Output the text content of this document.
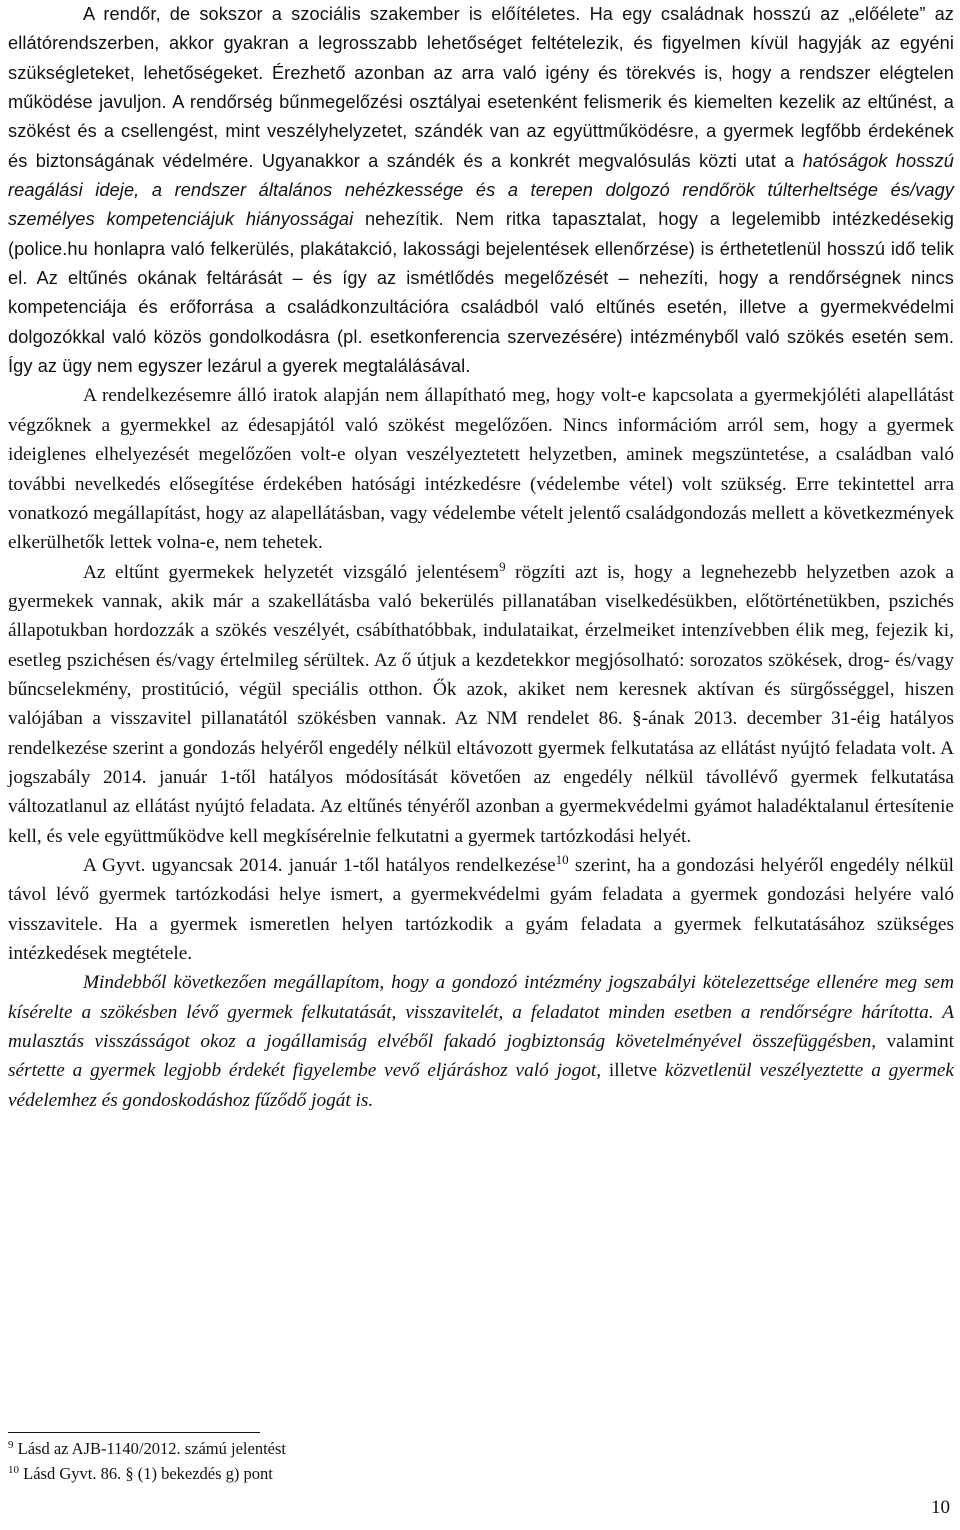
A rendőr, de sokszor a szociális szakember is előítéletes. Ha egy családnak hosszú az „előélete” az ellátórendszerben, akkor gyakran a legrosszabb lehetőséget feltételezik, és figyelmen kívül hagyják az egyéni szükségleteket, lehetőségeket. Érezhető azonban az arra való igény és törekvés is, hogy a rendszer elégtelen működése javuljon. A rendőrség bűnmegelőzési osztályai esetenként felismerik és kiemelten kezelik az eltűnést, a szökést és a csellengést, mint veszélyhelyzetet, szándék van az együttműködésre, a gyermek legfőbb érdekének és biztonságának védelmére. Ugyanakkor a szándék és a konkrét megvalósulás közti utat a hatóságok hosszú reagálási ideje, a rendszer általános nehézkessége és a terepen dolgozó rendőrök túlterheltsége és/vagy személyes kompetenciájuk hiányosságai nehezítik. Nem ritka tapasztalat, hogy a legelemibb intézkedésekig (police.hu honlapra való felkerülés, plakátakció, lakossági bejelentések ellenőrzése) is érthetetlenül hosszú idő telik el. Az eltűnés okának feltárását – és így az ismétlődés megelőzését – nehezíti, hogy a rendőrségnek nincs kompetenciája és erőforrása a családkonzultációra családból való eltűnés esetén, illetve a gyermekvédelmi dolgozókkal való közös gondolkodásra (pl. esetkonferencia szervezésére) intézményből való szökés esetén sem. Így az ügy nem egyszer lezárul a gyerek megtalálásával.

A rendelkezésemre álló iratok alapján nem állapítható meg, hogy volt-e kapcsolata a gyermekjóléti alapellátást végzőknek a gyermekkel az édesapjától való szökést megelőzően. Nincs információm arról sem, hogy a gyermek ideiglenes elhelyezését megelőzően volt-e olyan veszélyeztetett helyzetben, aminek megszüntetése, a családban való további nevelkedés elősegítése érdekében hatósági intézkedésre (védelembe vétel) volt szükség. Erre tekintettel arra vonatkozó megállapítást, hogy az alapellátásban, vagy védelembe vételt jelentő családgondozás mellett a következmények elkerülhetők lettek volna-e, nem tehetek.

Az eltűnt gyermekek helyzetét vizsgáló jelentésem$^9$ rögzíti azt is, hogy a legnehezebb helyzetben azok a gyermekek vannak, akik már a szakellátásba való bekerülés pillanatában viselkedésükben, előtörténetükben, pszichés állapotukban hordozzák a szökés veszélyét, csábíthatóbbak, indulataikat, érzelmeiket intenzívebben élik meg, fejezik ki, esetleg pszichésen és/vagy értelmileg sérültek. Az ő útjuk a kezdetekkor megjósolható: sorozatos szökések, drog- és/vagy bűncselekmény, prostitúció, végül speciális otthon. Ők azok, akiket nem keresnek aktívan és sürgősséggel, hiszen valójában a visszavitel pillanatától szökésben vannak. Az NM rendelet 86. §-ának 2013. december 31-éig hatályos rendelkezése szerint a gondozás helyéről engedély nélkül eltávozott gyermek felkutatása az ellátást nyújtó feladata volt. A jogszabály 2014. január 1-től hatályos módosítását követően az engedély nélkül távollévő gyermek felkutatása változatlanul az ellátást nyújtó feladata. Az eltűnés tényéről azonban a gyermekvédelmi gyámot haladéktalanul értesítenie kell, és vele együttműködve kell megkísérelnie felkutatni a gyermek tartózkodási helyét.

A Gyvt. ugyancsak 2014. január 1-től hatályos rendelkezése$^{10}$ szerint, ha a gondozási helyéről engedély nélkül távol lévő gyermek tartózkodási helye ismert, a gyermekvédelmi gyám feladata a gyermek gondozási helyére való visszavitele. Ha a gyermek ismeretlen helyen tartózkodik a gyám feladata a gyermek felkutatásához szükséges intézkedések megtétele.

Mindebből következően megállapítom, hogy a gondozó intézmény jogszabályi kötelezettsége ellenére meg sem kísérelte a szökésben lévő gyermek felkutatását, visszavitelét, a feladatot minden esetben a rendőrségre hárította. A mulasztás visszásságot okoz a jogállamiság elvéből fakadó jogbiztonság követelményével összefüggésben, valamint sértette a gyermek legjobb érdekét figyelembe vevő eljáráshoz való jogot, illetve közvetlenül veszélyeztette a gyermek védelemhez és gondoskodáshoz fűződő jogát is.

$^9$ Lásd az AJB-1140/2012. számú jelentést

$^{10}$ Lásd Gyvt. 86. § (1) bekezdés g) pont

10
